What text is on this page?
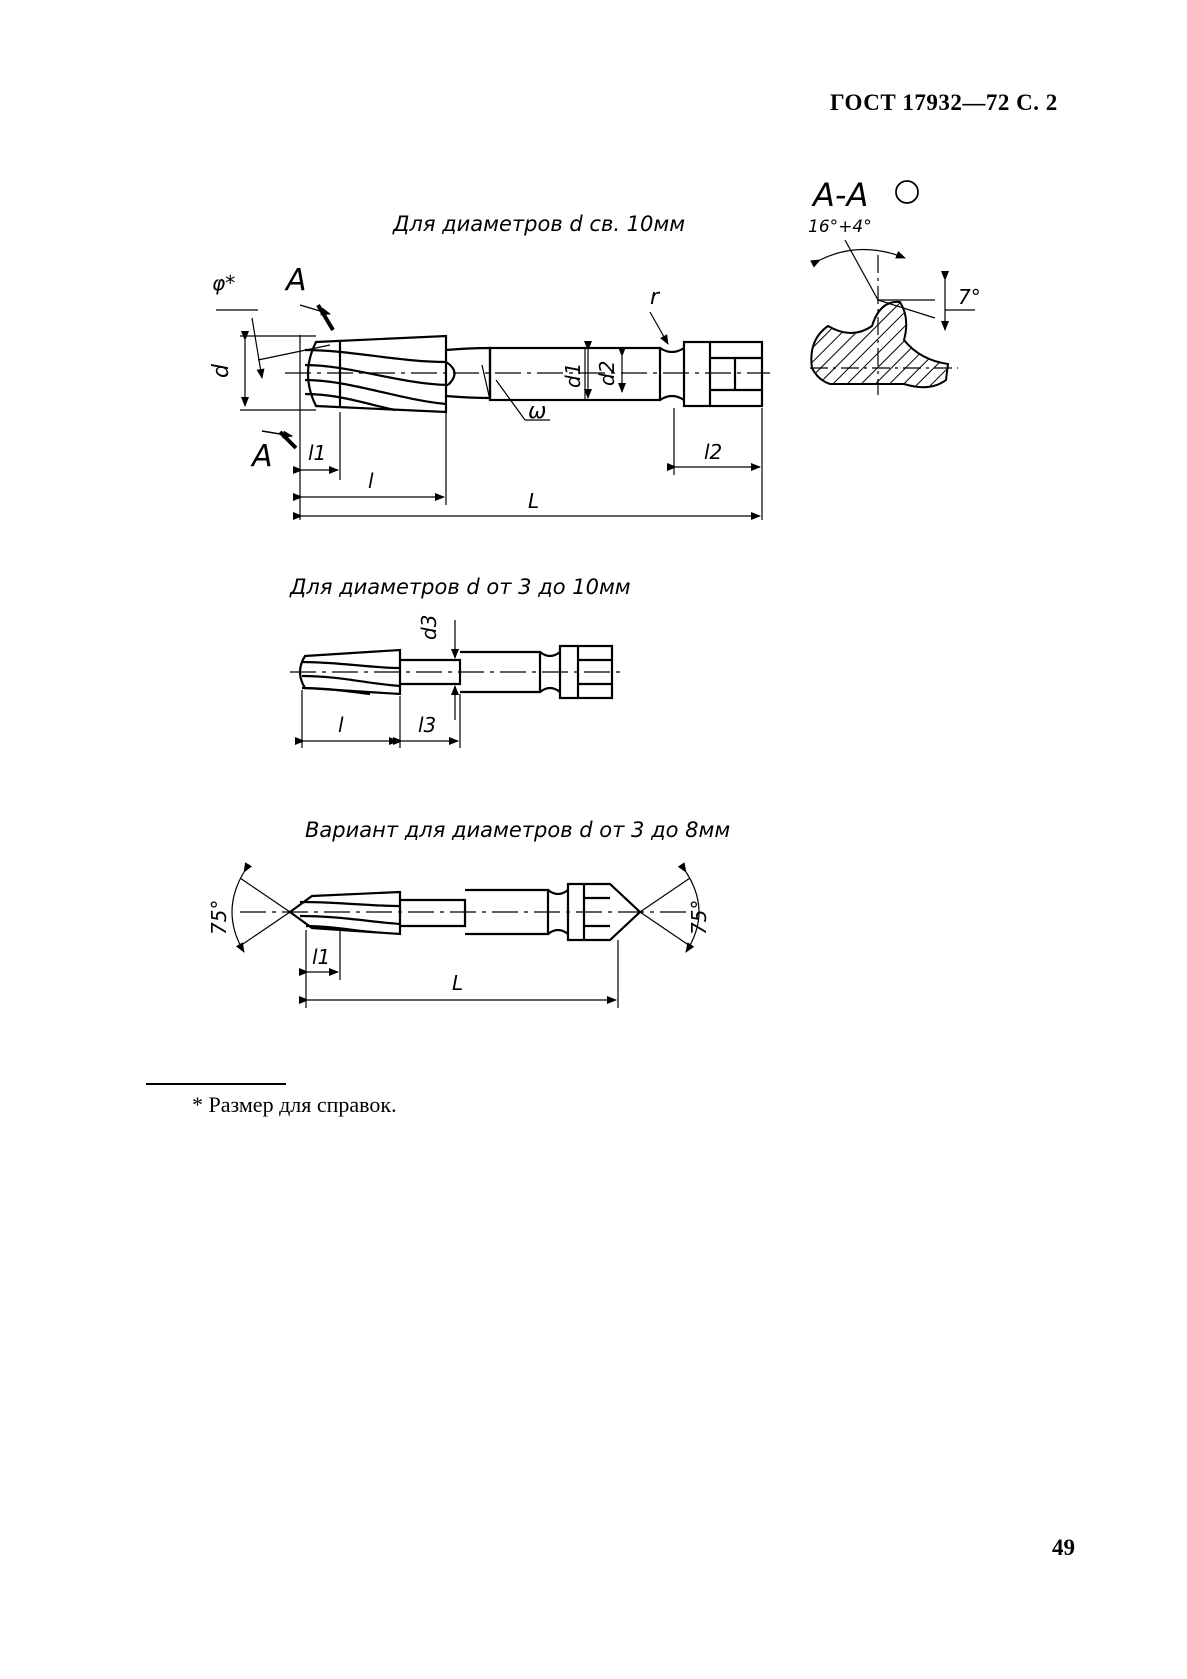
ГОСТ 17932—72 С. 2
Для диаметров d св. 10мм
Для диаметров d от 3 до 10мм
Вариант для диаметров d от 3 до 8мм
φ* A
A
d	d1 d2
r
ω
l1
l
L
l2
A-A
16°+4°
7°
d3
l	l3
75°	75°
l1
L
* Размер для справок.
49
